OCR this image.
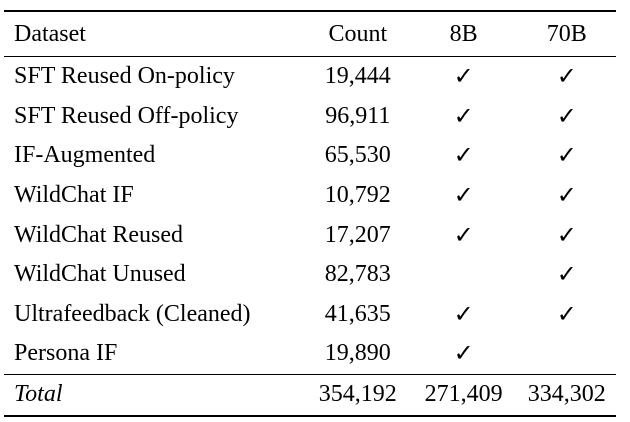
Dataset	Count	8B	70B
SFT Reused On-policy	19,444	✓	✓
SFT Reused Off-policy	96,911	✓	✓
IF-Augmented	65,530	✓	✓
WildChat IF	10,792	✓	✓
WildChat Reused	17,207	✓	✓
WildChat Unused	82,783		✓
Ultrafeedback (Cleaned)	41,635	✓	✓
Persona IF	19,890	✓	
Total	354,192	271,409	334,302
